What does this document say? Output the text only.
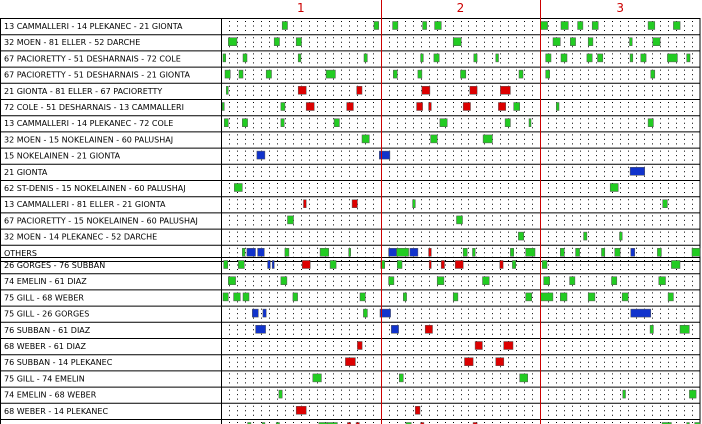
1	2	3
13 CAMMALLERI - 14 PLEKANEC - 21 GIONTA
32 MOEN - 81 ELLER - 52 DARCHE
67 PACIORETTY - 51 DESHARNAIS - 72 COLE
67 PACIORETTY - 51 DESHARNAIS - 21 GIONTA
21 GIONTA - 81 ELLER - 67 PACIORETTY
72 COLE - 51 DESHARNAIS - 13 CAMMALLERI
13 CAMMALLERI - 14 PLEKANEC - 72 COLE
32 MOEN - 15 NOKELAINEN - 60 PALUSHAJ
15 NOKELAINEN - 21 GIONTA
21 GIONTA
62 ST-DENIS - 15 NOKELAINEN - 60 PALUSHAJ
13 CAMMALLERI - 81 ELLER - 21 GIONTA
67 PACIORETTY - 15 NOKELAINEN - 60 PALUSHAJ
32 MOEN - 14 PLEKANEC - 52 DARCHE
OTHERS
26 GORGES - 76 SUBBAN
74 EMELIN - 61 DIAZ
75 GILL - 68 WEBER
75 GILL - 26 GORGES
76 SUBBAN - 61 DIAZ
68 WEBER - 61 DIAZ
76 SUBBAN - 14 PLEKANEC
75 GILL - 74 EMELIN
74 EMELIN - 68 WEBER
68 WEBER - 14 PLEKANEC
